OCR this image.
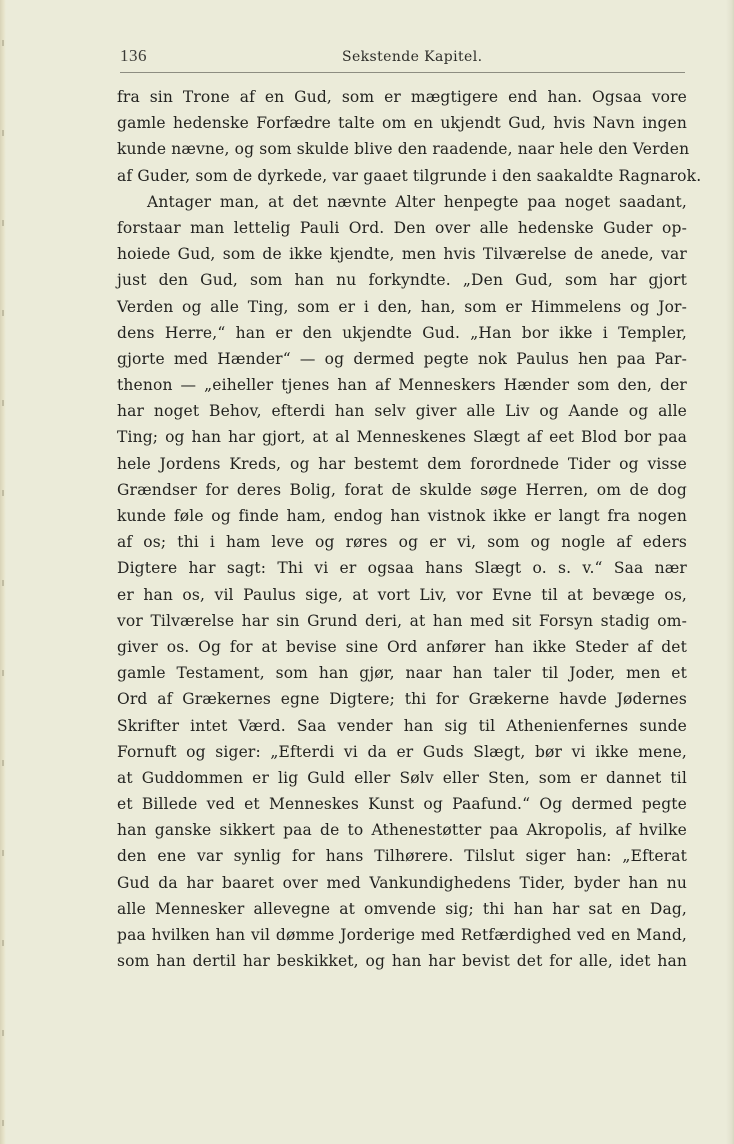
136	Sekstende Kapitel.
fra sin Trone af en Gud, som er mægtigere end han. Ogsaa vore
gamle hedenske Forfædre talte om en ukjendt Gud, hvis Navn ingen
kunde nævne, og som skulde blive den raadende, naar hele den Verden
af Guder, som de dyrkede, var gaaet tilgrunde i den saakaldte Ragnarok.
Antager man, at det nævnte Alter henpegte paa noget saadant,
forstaar man lettelig Pauli Ord. Den over alle hedenske Guder op-
hoiede Gud, som de ikke kjendte, men hvis Tilværelse de anede, var
just den Gud, som han nu forkyndte. „Den Gud, som har gjort
Verden og alle Ting, som er i den, han, som er Himmelens og Jor-
dens Herre,“ han er den ukjendte Gud. „Han bor ikke i Templer,
gjorte med Hænder“ — og dermed pegte nok Paulus hen paa Par-
thenon — „eiheller tjenes han af Menneskers Hænder som den, der
har noget Behov, efterdi han selv giver alle Liv og Aande og alle
Ting; og han har gjort, at al Menneskenes Slægt af eet Blod bor paa
hele Jordens Kreds, og har bestemt dem forordnede Tider og visse
Grændser for deres Bolig, forat de skulde søge Herren, om de dog
kunde føle og finde ham, endog han vistnok ikke er langt fra nogen
af os; thi i ham leve og røres og er vi, som og nogle af eders
Digtere har sagt: Thi vi er ogsaa hans Slægt o. s. v.“ Saa nær
er han os, vil Paulus sige, at vort Liv, vor Evne til at bevæge os,
vor Tilværelse har sin Grund deri, at han med sit Forsyn stadig om-
giver os. Og for at bevise sine Ord anfører han ikke Steder af det
gamle Testament, som han gjør, naar han taler til Joder, men et
Ord af Grækernes egne Digtere; thi for Grækerne havde Jødernes
Skrifter intet Værd. Saa vender han sig til Athenienfernes sunde
Fornuft og siger: „Efterdi vi da er Guds Slægt, bør vi ikke mene,
at Guddommen er lig Guld eller Sølv eller Sten, som er dannet til
et Billede ved et Menneskes Kunst og Paafund.“ Og dermed pegte
han ganske sikkert paa de to Athenestøtter paa Akropolis, af hvilke
den ene var synlig for hans Tilhørere. Tilslut siger han: „Efterat
Gud da har baaret over med Vankundighedens Tider, byder han nu
alle Mennesker allevegne at omvende sig; thi han har sat en Dag,
paa hvilken han vil dømme Jorderige med Retfærdighed ved en Mand,
som han dertil har beskikket, og han har bevist det for alle, idet han
